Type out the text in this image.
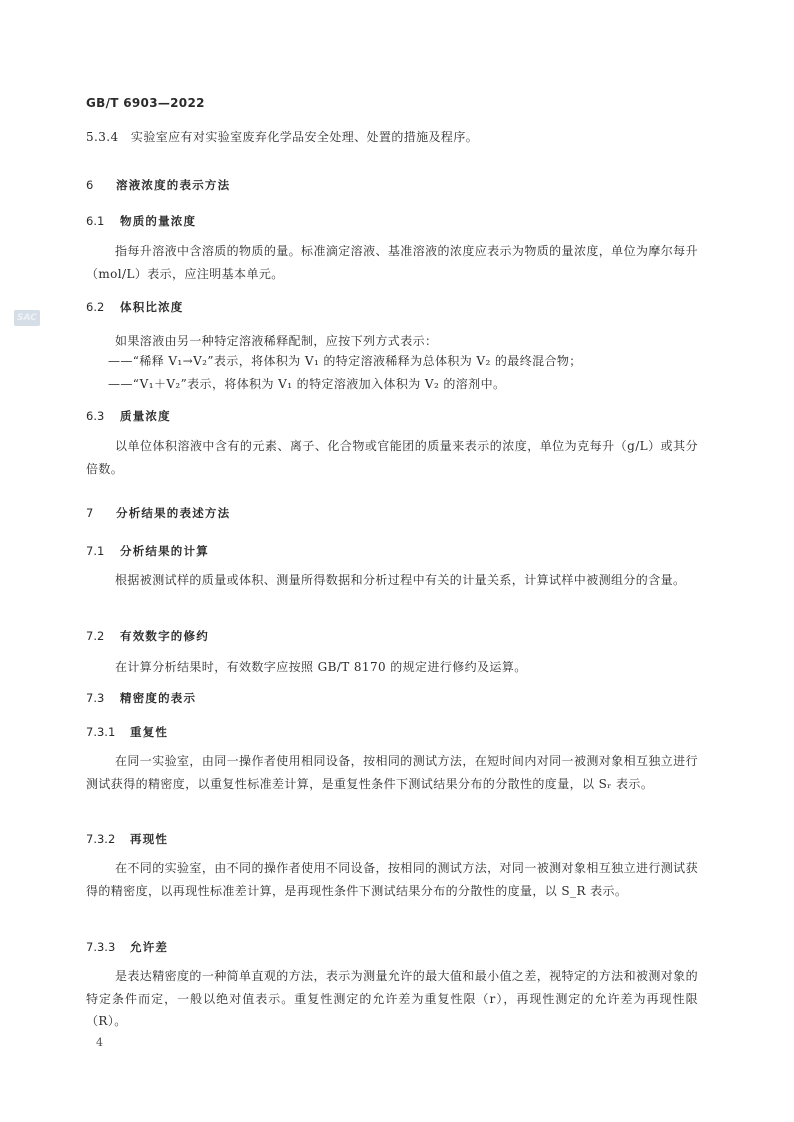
GB/T 6903—2022
SAC
5.3.4　实验室应有对实验室废弃化学品安全处理、处置的措施及程序。
6 溶液浓度的表示方法
6.1 物质的量浓度
指每升溶液中含溶质的物质的量。标准滴定溶液、基准溶液的浓度应表示为物质的量浓度，单位为摩尔每升（mol/L）表示，应注明基本单元。
6.2 体积比浓度
如果溶液由另一种特定溶液稀释配制，应按下列方式表示：
——“稀释 V₁→V₂”表示，将体积为 V₁ 的特定溶液稀释为总体积为 V₂ 的最终混合物；
——“V₁＋V₂”表示，将体积为 V₁ 的特定溶液加入体积为 V₂ 的溶剂中。
6.3 质量浓度
以单位体积溶液中含有的元素、离子、化合物或官能团的质量来表示的浓度，单位为克每升（g/L）或其分倍数。
7 分析结果的表述方法
7.1 分析结果的计算
根据被测试样的质量或体积、测量所得数据和分析过程中有关的计量关系，计算试样中被测组分的含量。
7.2 有效数字的修约
在计算分析结果时，有效数字应按照 GB/T 8170 的规定进行修约及运算。
7.3 精密度的表示
7.3.1 重复性
在同一实验室，由同一操作者使用相同设备，按相同的测试方法，在短时间内对同一被测对象相互独立进行测试获得的精密度，以重复性标准差计算，是重复性条件下测试结果分布的分散性的度量，以 Sᵣ 表示。
7.3.2 再现性
在不同的实验室，由不同的操作者使用不同设备，按相同的测试方法，对同一被测对象相互独立进行测试获得的精密度，以再现性标准差计算，是再现性条件下测试结果分布的分散性的度量，以 S_R 表示。
7.3.3 允许差
是表达精密度的一种简单直观的方法，表示为测量允许的最大值和最小值之差，视特定的方法和被测对象的特定条件而定，一般以绝对值表示。重复性测定的允许差为重复性限（r），再现性测定的允许差为再现性限（R）。
4
